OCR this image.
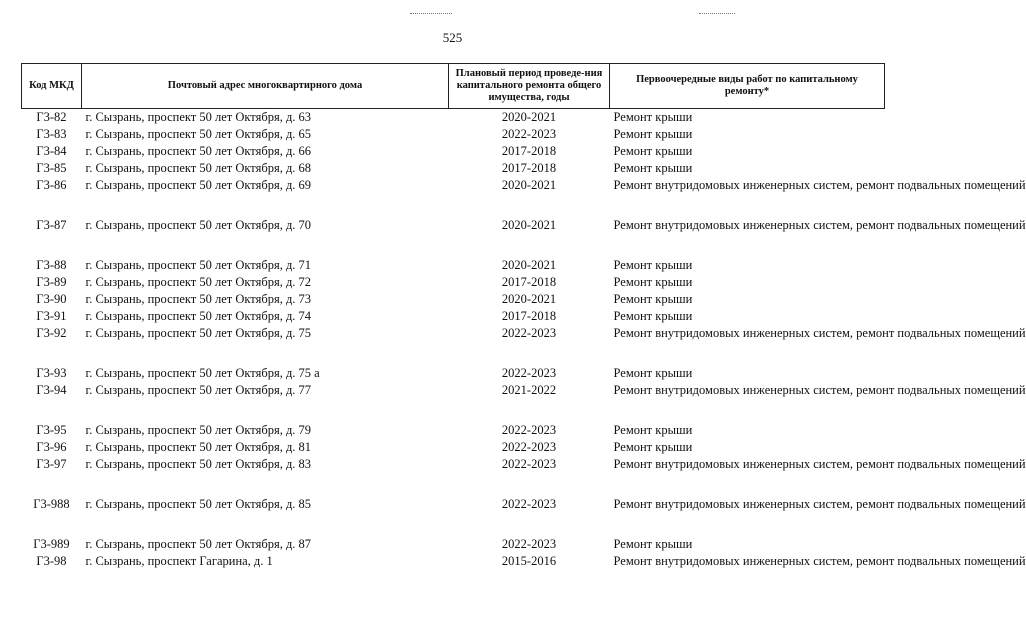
525
Код МКД	Почтовый адрес многоквартирного дома	Плановый период проведе-ния капитального ремонта общего имущества, годы	Первоочередные виды работ по капитальному ремонту*
Г3-82	г. Сызрань, проспект 50 лет Октября, д. 63	2020-2021	Ремонт крыши
Г3-83	г. Сызрань, проспект 50 лет Октября, д. 65	2022-2023	Ремонт крыши
Г3-84	г. Сызрань, проспект 50 лет Октября, д. 66	2017-2018	Ремонт крыши
Г3-85	г. Сызрань, проспект 50 лет Октября, д. 68	2017-2018	Ремонт крыши
Г3-86	г. Сызрань, проспект 50 лет Октября, д. 69	2020-2021	Ремонт внутридомовых инженерных систем, ремонт подвальных помещений
Г3-87	г. Сызрань, проспект 50 лет Октября, д. 70	2020-2021	Ремонт внутридомовых инженерных систем, ремонт подвальных помещений
Г3-88	г. Сызрань, проспект 50 лет Октября, д. 71	2020-2021	Ремонт крыши
Г3-89	г. Сызрань, проспект 50 лет Октября, д. 72	2017-2018	Ремонт крыши
Г3-90	г. Сызрань, проспект 50 лет Октября, д. 73	2020-2021	Ремонт крыши
Г3-91	г. Сызрань, проспект 50 лет Октября, д. 74	2017-2018	Ремонт крыши
Г3-92	г. Сызрань, проспект 50 лет Октября, д. 75	2022-2023	Ремонт внутридомовых инженерных систем, ремонт подвальных помещений
Г3-93	г. Сызрань, проспект 50 лет Октября, д. 75 а	2022-2023	Ремонт крыши
Г3-94	г. Сызрань, проспект 50 лет Октября, д. 77	2021-2022	Ремонт внутридомовых инженерных систем, ремонт подвальных помещений
Г3-95	г. Сызрань, проспект 50 лет Октября, д. 79	2022-2023	Ремонт крыши
Г3-96	г. Сызрань, проспект 50 лет Октября, д. 81	2022-2023	Ремонт крыши
Г3-97	г. Сызрань, проспект 50 лет Октября, д. 83	2022-2023	Ремонт внутридомовых инженерных систем, ремонт подвальных помещений
Г3-988	г. Сызрань, проспект 50 лет Октября, д. 85	2022-2023	Ремонт внутридомовых инженерных систем, ремонт подвальных помещений
Г3-989	г. Сызрань, проспект 50 лет Октября, д. 87	2022-2023	Ремонт крыши
Г3-98	г. Сызрань, проспект Гагарина, д. 1	2015-2016	Ремонт внутридомовых инженерных систем, ремонт подвальных помещений
